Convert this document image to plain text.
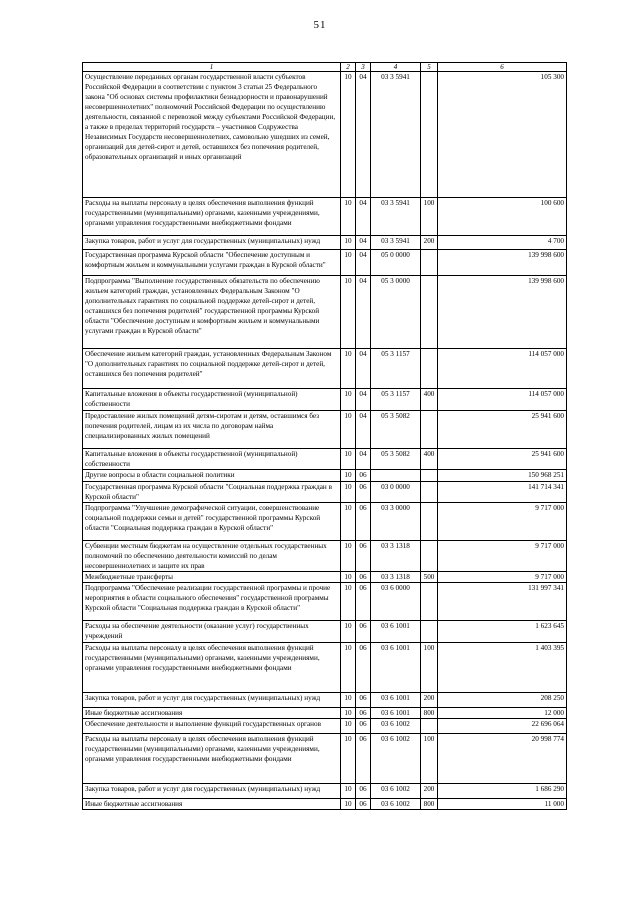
51
1	2	3	4	5	6
Осуществление переданных органам государственной власти субъектов Российской Федерации в соответствии с пунктом 3 статьи 25 Федерального закона "Об основах системы профилактики безнадзорности и правонарушений несовершеннолетних" полномочий Российской Федерации по осуществлению деятельности, связанной с перевозкой между субъектами Российской Федерации, а также в пределах территорий государств – участников Содружества Независимых Государств несовершеннолетних, самовольно ушедших из семей, организаций для детей-сирот и детей, оставшихся без попечения родителей, образовательных организаций и иных организаций	10	04	03 3 5941		105 300
Расходы на выплаты персоналу в целях обеспечения выполнения функций государственными (муниципальными) органами, казенными учреждениями, органами управления государственными внебюджетными фондами	10	04	03 3 5941	100	100 600
Закупка товаров, работ и услуг для государственных (муниципальных) нужд	10	04	03 3 5941	200	4 700
Государственная программа Курской области "Обеспечение доступным и комфортным жильем и коммунальными услугами граждан в Курской области"	10	04	05 0 0000		139 998 600
Подпрограмма "Выполнение государственных обязательств по обеспечению жильем категорий граждан, установленных Федеральным Законом "О дополнительных гарантиях по социальной поддержке детей-сирот и детей, оставшихся без попечения родителей" государственной программы Курской области "Обеспечение доступным и комфортным жильем и коммунальными услугами граждан в Курской области"	10	04	05 3 0000		139 998 600
Обеспечение жильем категорий граждан, установленных Федеральным Законом "О дополнительных гарантиях по социальной поддержке детей-сирот и детей, оставшихся без попечения родителей"	10	04	05 3 1157		114 057 000
Капитальные вложения в объекты государственной (муниципальной) собственности	10	04	05 3 1157	400	114 057 000
Предоставление жилых помещений детям-сиротам и детям, оставшимся без попечения родителей, лицам из их числа по договорам найма специализированных жилых помещений	10	04	05 3 5082		25 941 600
Капитальные вложения в объекты государственной (муниципальной) собственности	10	04	05 3 5082	400	25 941 600
Другие вопросы в области социальной политики	10	06			150 968 251
Государственная программа Курской области "Социальная поддержка граждан в Курской области"	10	06	03 0 0000		141 714 341
Подпрограмма "Улучшение демографической ситуации, совершенствование социальной поддержки семьи и детей" государственной программы Курской области "Социальная поддержка граждан в Курской области"	10	06	03 3 0000		9 717 000
Субвенции местным бюджетам на осуществление отдельных государственных полномочий по обеспечению деятельности комиссий по делам несовершеннолетних и защите их прав	10	06	03 3 1318		9 717 000
Межбюджетные трансферты	10	06	03 3 1318	500	9 717 000
Подпрограмма "Обеспечение реализации государственной программы и прочие мероприятия в области социального обеспечения" государственной программы Курской области "Социальная поддержка граждан в Курской области"	10	06	03 6 0000		131 997 341
Расходы на обеспечение деятельности (оказание услуг) государственных учреждений	10	06	03 6 1001		1 623 645
Расходы на выплаты персоналу в целях обеспечения выполнения функций государственными (муниципальными) органами, казенными учреждениями, органами управления государственными внебюджетными фондами	10	06	03 6 1001	100	1 403 395
Закупка товаров, работ и услуг для государственных (муниципальных) нужд	10	06	03 6 1001	200	208 250
Иные бюджетные ассигнования	10	06	03 6 1001	800	12 000
Обеспечение деятельности и выполнение функций государственных органов	10	06	03 6 1002		22 696 064
Расходы на выплаты персоналу в целях обеспечения выполнения функций государственными (муниципальными) органами, казенными учреждениями, органами управления государственными внебюджетными фондами	10	06	03 6 1002	100	20 998 774
Закупка товаров, работ и услуг для государственных (муниципальных) нужд	10	06	03 6 1002	200	1 686 290
Иные бюджетные ассигнования	10	06	03 6 1002	800	11 000
